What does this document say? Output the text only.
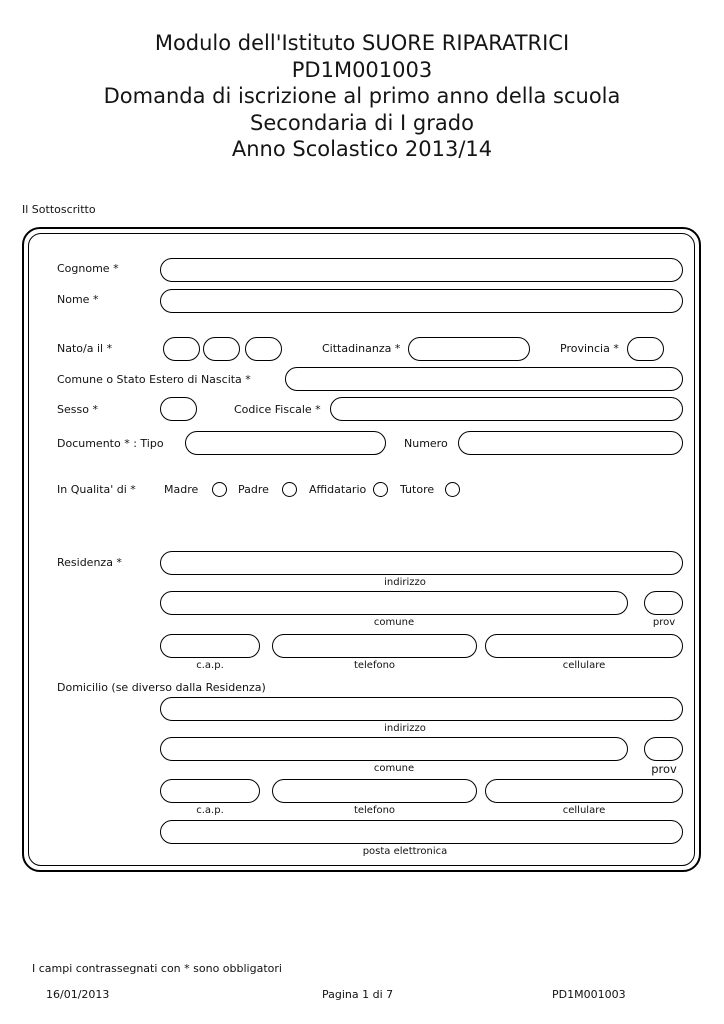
Modulo dell'Istituto SUORE RIPARATRICI
PD1M001003
Domanda di iscrizione al primo anno della scuola
Secondaria di I grado
Anno Scolastico 2013/14
Il Sottoscritto
Cognome *
Nome *
Nato/a il *	Cittadinanza *	Provincia *
Comune o Stato Estero di Nascita *
Sesso *	Codice Fiscale *
Documento * : Tipo	Numero
In Qualita' di *	Madre	Padre	Affidatario	Tutore
Residenza *
indirizzo
comune	prov
c.a.p.	telefono	cellulare
Domicilio (se diverso dalla Residenza)
indirizzo
comune	prov
c.a.p.	telefono	cellulare
posta elettronica
I campi contrassegnati con * sono obbligatori
16/01/2013	Pagina 1 di 7	PD1M001003
